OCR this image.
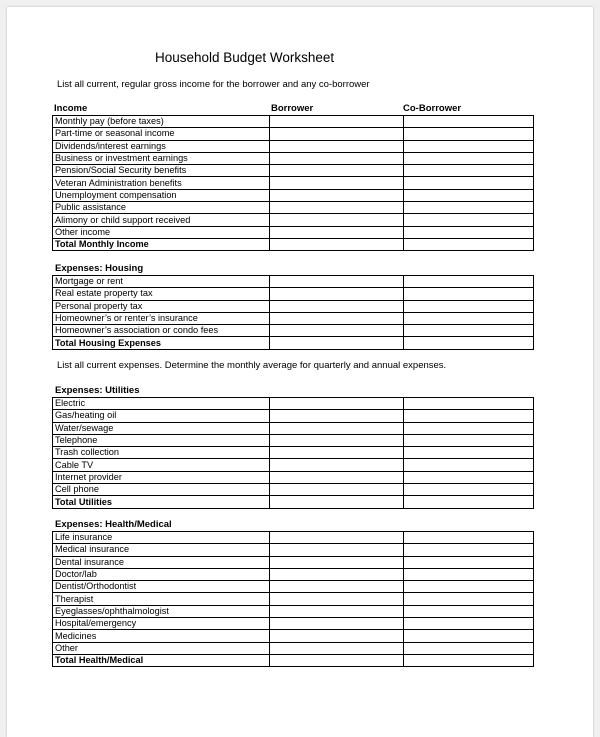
Household Budget Worksheet
List all current, regular gross income for the borrower and any co-borrower
Income	Borrower	Co-Borrower
Monthly pay (before taxes)		
Part-time or seasonal income		
Dividends/interest earnings		
Business or investment earnings		
Pension/Social Security benefits		
Veteran Administration benefits		
Unemployment compensation		
Public assistance		
Alimony or child support received		
Other income		
Total Monthly Income		
Expenses: Housing
Mortgage or rent		
Real estate property tax		
Personal property tax		
Homeowner’s or renter’s insurance		
Homeowner’s association or condo fees		
Total Housing Expenses		
List all current expenses. Determine the monthly average for quarterly and annual expenses.
Expenses: Utilities
Electric		
Gas/heating oil		
Water/sewage		
Telephone		
Trash collection		
Cable TV		
Internet provider		
Cell phone		
Total Utilities		
Expenses: Health/Medical
Life insurance		
Medical insurance		
Dental insurance		
Doctor/lab		
Dentist/Orthodontist		
Therapist		
Eyeglasses/ophthalmologist		
Hospital/emergency		
Medicines		
Other		
Total Health/Medical		
